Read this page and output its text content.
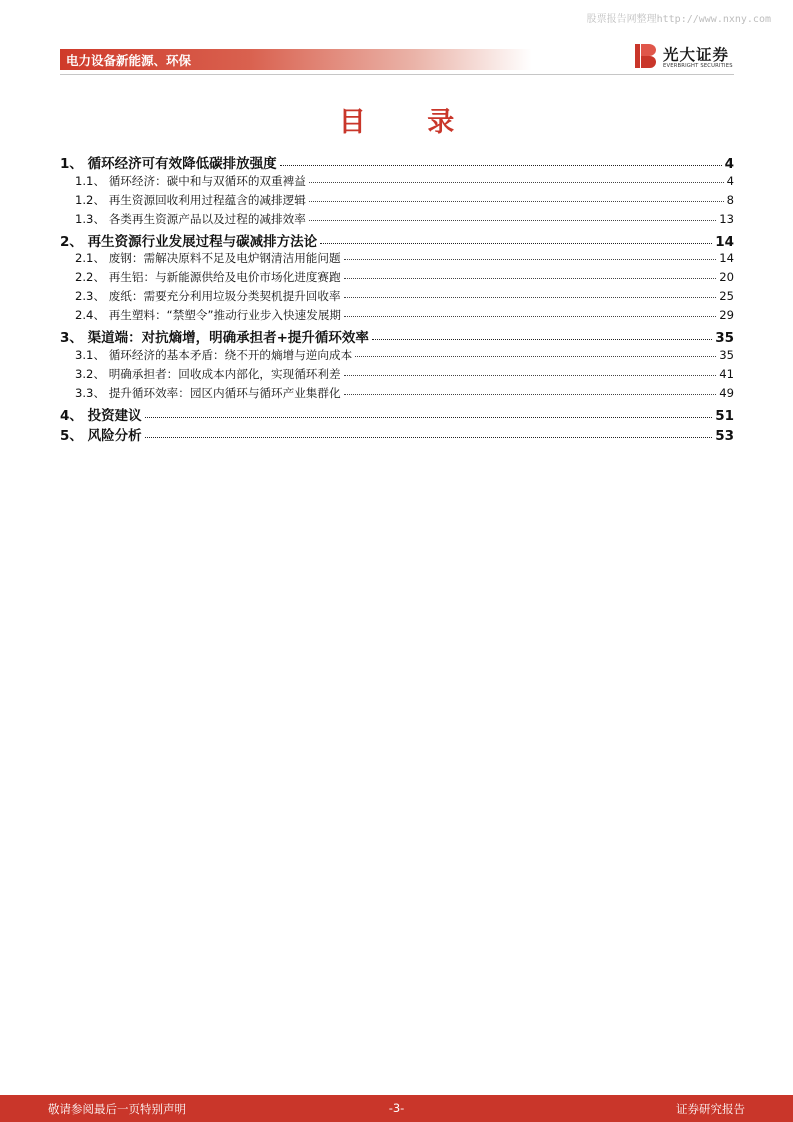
股票报告网整理http://www.nxny.com
电力设备新能源、环保	光大证券
EVERBRIGHT SECURITIES
目 录
1、 循环经济可有效降低碳排放强度	4
1.1、 循环经济：碳中和与双循环的双重裨益	4
1.2、 再生资源回收利用过程蕴含的减排逻辑	8
1.3、 各类再生资源产品以及过程的减排效率	13
2、 再生资源行业发展过程与碳减排方法论	14
2.1、 废钢：需解决原料不足及电炉钢清洁用能问题	14
2.2、 再生铝：与新能源供给及电价市场化进度赛跑	20
2.3、 废纸：需要充分利用垃圾分类契机提升回收率	25
2.4、 再生塑料：“禁塑令”推动行业步入快速发展期	29
3、 渠道端：对抗熵增，明确承担者+提升循环效率	35
3.1、 循环经济的基本矛盾：绕不开的熵增与逆向成本	35
3.2、 明确承担者：回收成本内部化，实现循环利差	41
3.3、 提升循环效率：园区内循环与循环产业集群化	49
4、 投资建议	51
5、 风险分析	53
敬请参阅最后一页特别声明	-3-	证券研究报告
